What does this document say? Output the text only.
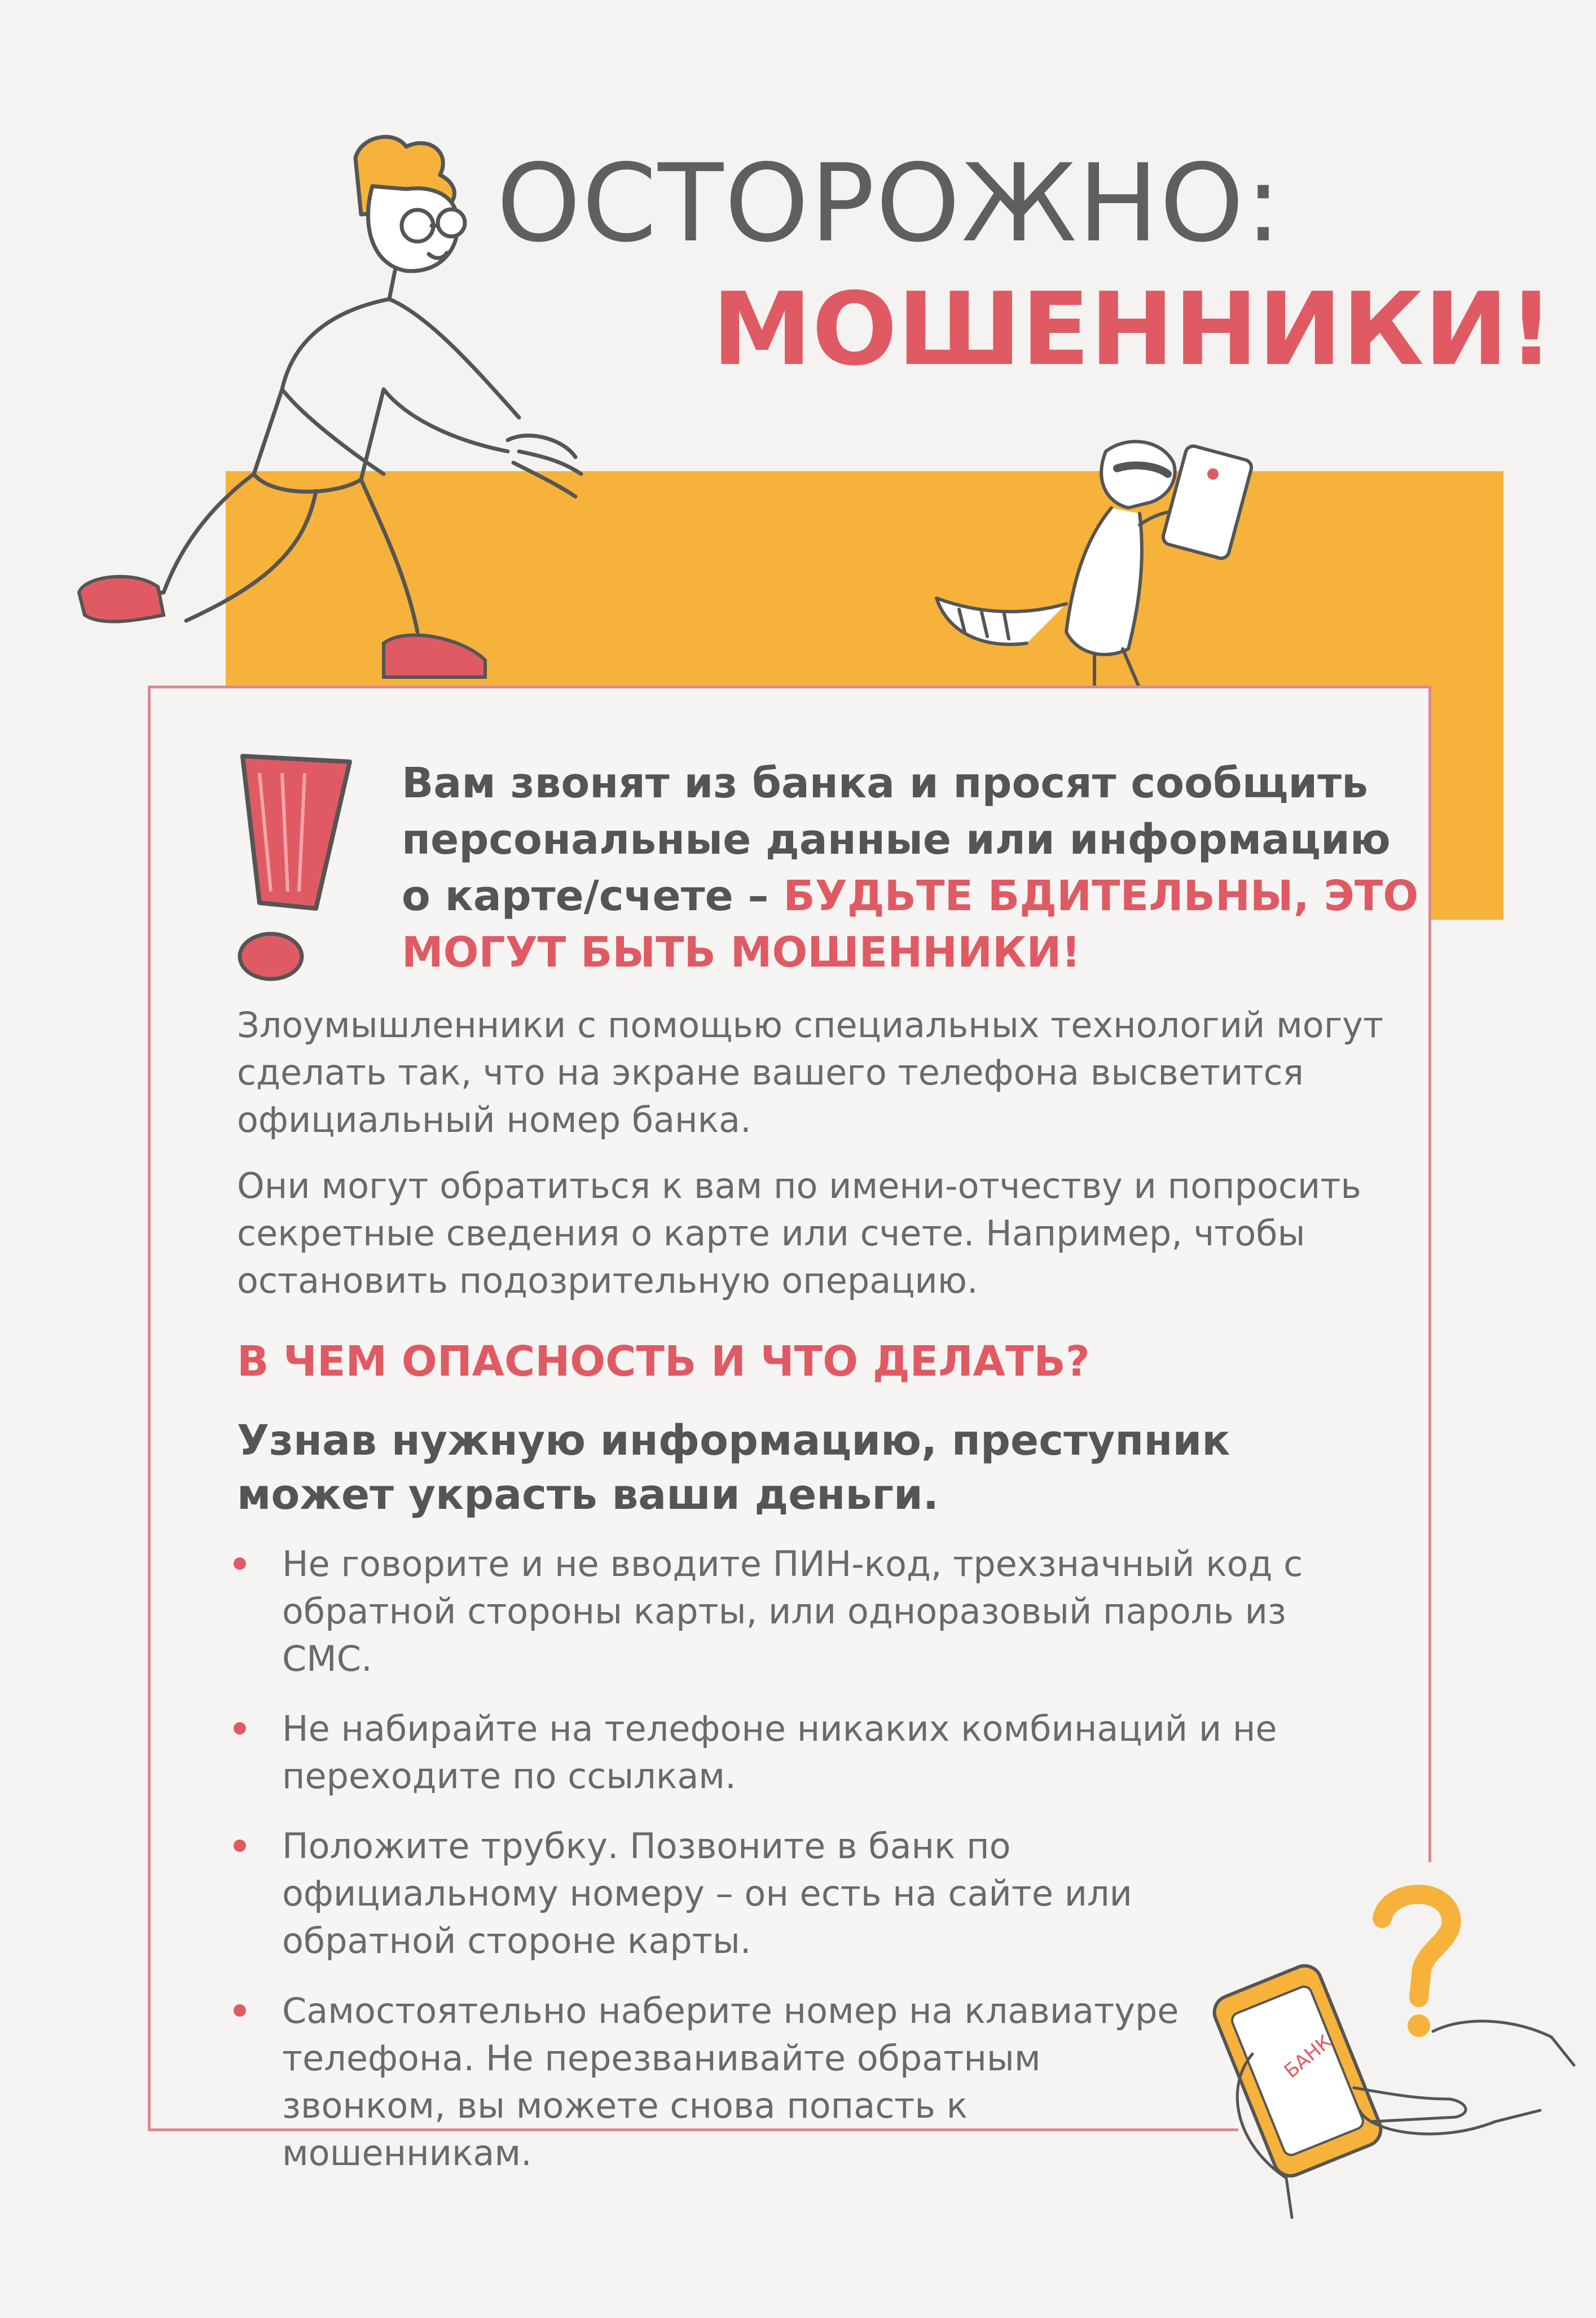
ОСТОРОЖНО:
МОШЕННИКИ!

Вам звонят из банка и просят сообщить персональные данные или информацию о карте/счете – БУДЬТЕ БДИТЕЛЬНЫ, ЭТО МОГУТ БЫТЬ МОШЕННИКИ!

Злоумышленники с помощью специальных технологий могут сделать так, что на экране вашего телефона высветится официальный номер банка.

Они могут обратиться к вам по имени-отчеству и попросить секретные сведения о карте или счете. Например, чтобы остановить подозрительную операцию.

В ЧЕМ ОПАСНОСТЬ И ЧТО ДЕЛАТЬ?

Узнав нужную информацию, преступник может украсть ваши деньги.

Не говорите и не вводите ПИН-код, трехзначный код с обратной стороны карты, или одноразовый пароль из СМС.
Не набирайте на телефоне никаких комбинаций и не переходите по ссылкам.
Положите трубку. Позвоните в банк по официальному номеру – он есть на сайте или обратной стороне карты.
Самостоятельно наберите номер на клавиатуре телефона. Не перезванивайте обратным звонком, вы можете снова попасть к мошенникам.
БАНК
